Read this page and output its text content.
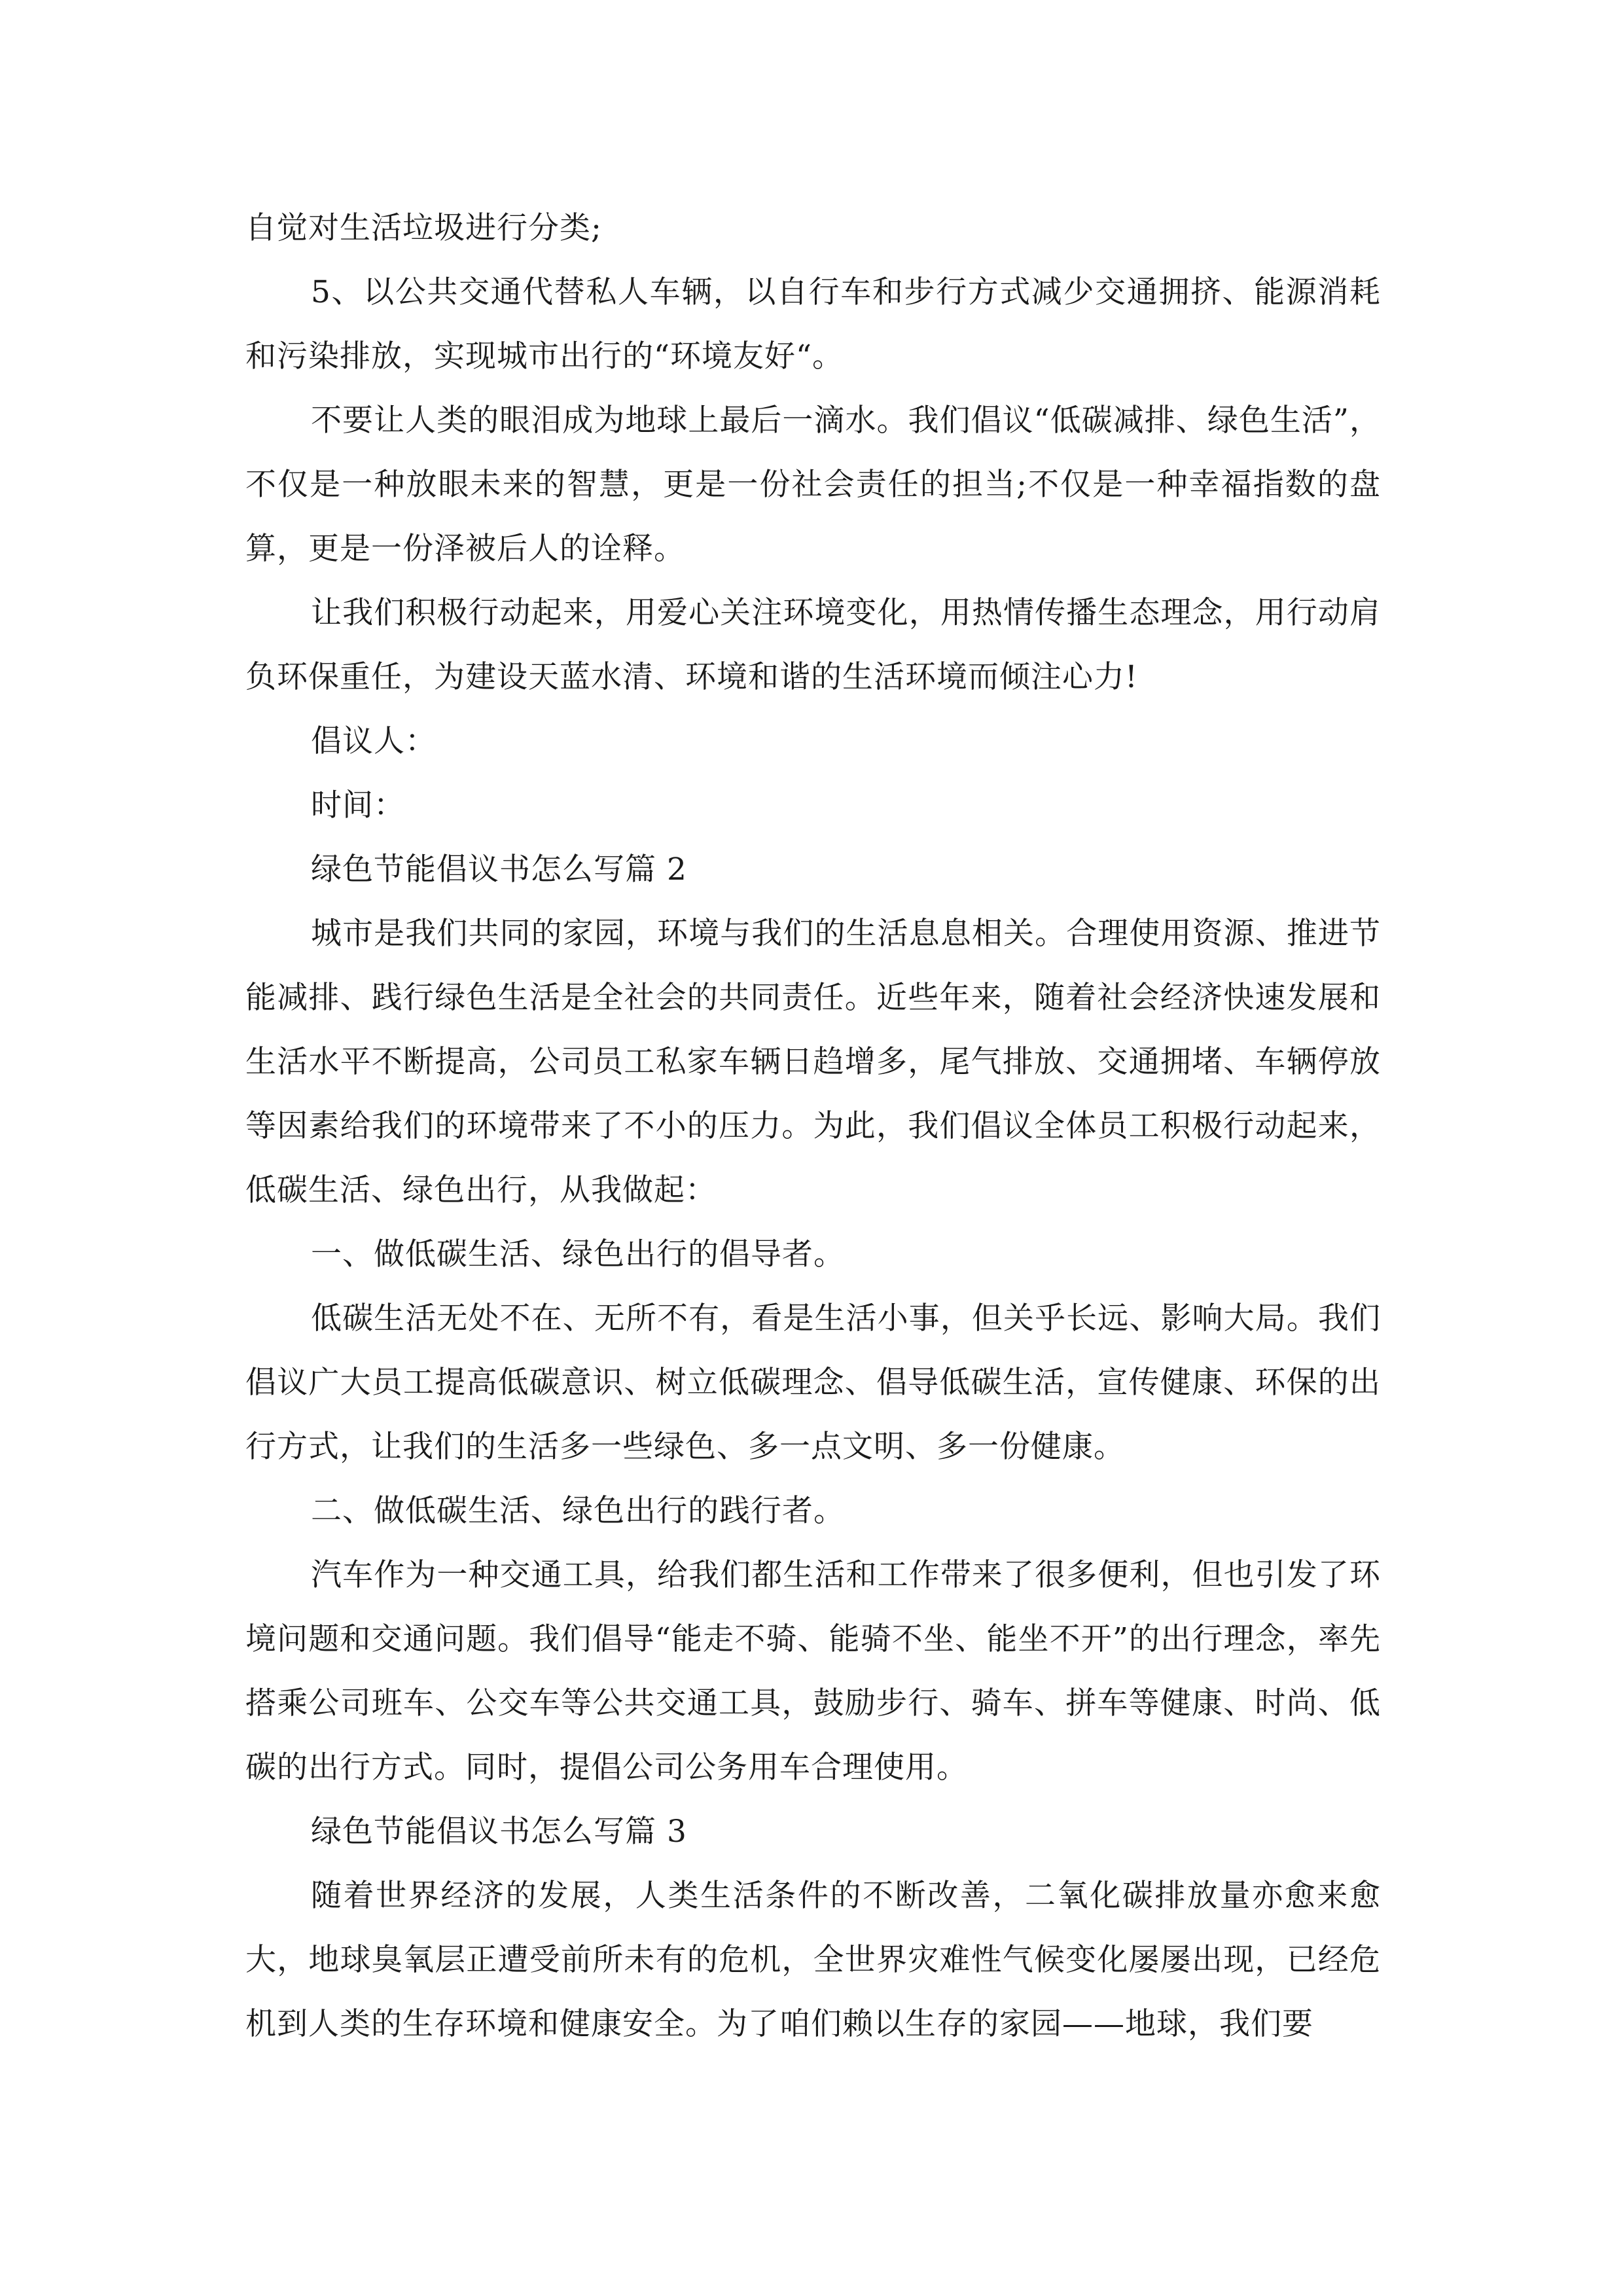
自觉对生活垃圾进行分类;

5、以公共交通代替私人车辆，以自行车和步行方式减少交通拥挤、能源消耗和污染排放，实现城市出行的“环境友好“。

不要让人类的眼泪成为地球上最后一滴水。我们倡议“低碳减排、绿色生活”，不仅是一种放眼未来的智慧，更是一份社会责任的担当;不仅是一种幸福指数的盘算，更是一份泽被后人的诠释。

让我们积极行动起来，用爱心关注环境变化，用热情传播生态理念，用行动肩负环保重任，为建设天蓝水清、环境和谐的生活环境而倾注心力!

倡议人：

时间：

绿色节能倡议书怎么写篇 2

城市是我们共同的家园，环境与我们的生活息息相关。合理使用资源、推进节能减排、践行绿色生活是全社会的共同责任。近些年来，随着社会经济快速发展和生活水平不断提高，公司员工私家车辆日趋增多，尾气排放、交通拥堵、车辆停放等因素给我们的环境带来了不小的压力。为此，我们倡议全体员工积极行动起来，低碳生活、绿色出行，从我做起：

一、做低碳生活、绿色出行的倡导者。

低碳生活无处不在、无所不有，看是生活小事，但关乎长远、影响大局。我们倡议广大员工提高低碳意识、树立低碳理念、倡导低碳生活，宣传健康、环保的出行方式，让我们的生活多一些绿色、多一点文明、多一份健康。

二、做低碳生活、绿色出行的践行者。

汽车作为一种交通工具，给我们都生活和工作带来了很多便利，但也引发了环境问题和交通问题。我们倡导“能走不骑、能骑不坐、能坐不开”的出行理念，率先搭乘公司班车、公交车等公共交通工具，鼓励步行、骑车、拼车等健康、时尚、低碳的出行方式。同时，提倡公司公务用车合理使用。

绿色节能倡议书怎么写篇 3

随着世界经济的发展，人类生活条件的不断改善，二氧化碳排放量亦愈来愈大，地球臭氧层正遭受前所未有的危机，全世界灾难性气候变化屡屡出现，已经危机到人类的生存环境和健康安全。为了咱们赖以生存的家园——地球，我们要
